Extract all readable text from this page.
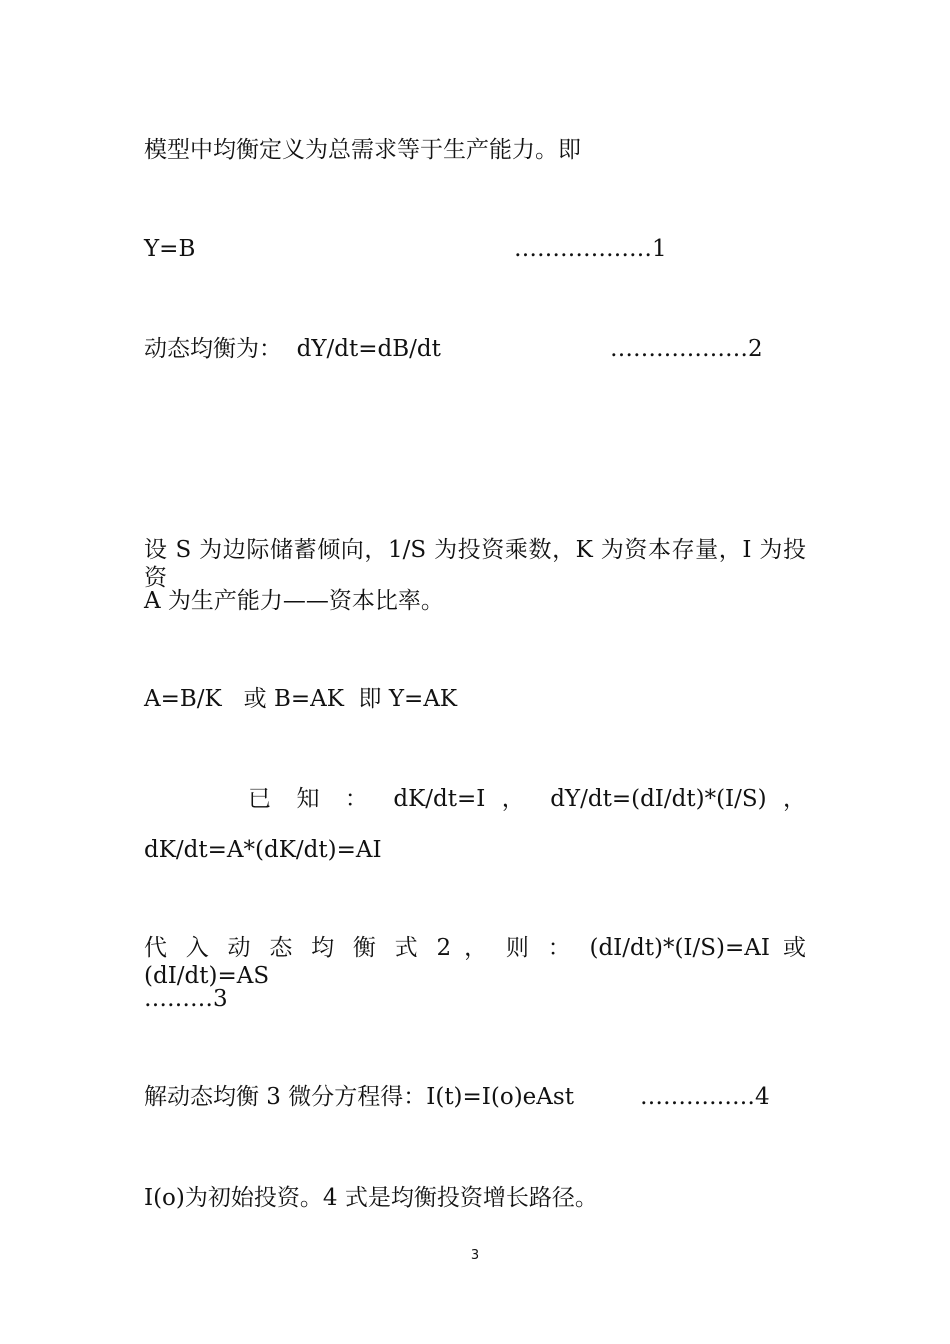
模型中均衡定义为总需求等于生产能力。即
Y=B	………………1
动态均衡为：  dY/dt=dB/dt	………………2
设 S 为边际储蓄倾向，1/S 为投资乘数，K 为资本存量，I 为投资
A 为生产能力——资本比率。
A=B/K   或 B=AK  即 Y=AK
已 知 ： dK/dt=I ， dY/dt=(dI/dt)*(I/S) ，
dK/dt=A*(dK/dt)=AI
代 入 动 态 均 衡 式 2 ， 则 ： (dI/dt)*(I/S)=AI 或 (dI/dt)=AS
………3
解动态均衡 3 微分方程得：I(t)=I(o)eAst	……………4
I(o)为初始投资。4 式是均衡投资增长路径。
3
